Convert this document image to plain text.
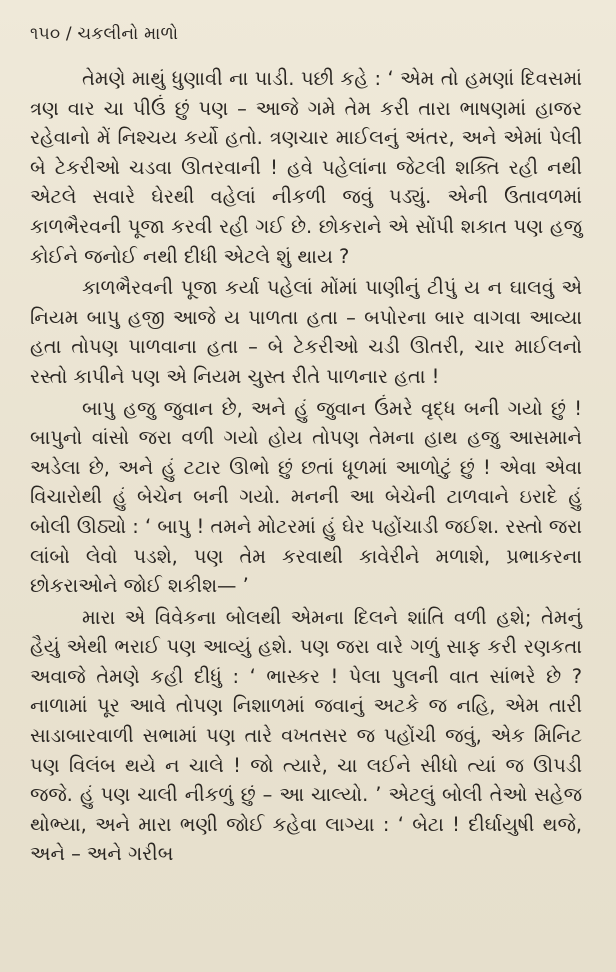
૧૫૦ / ચકલીનો માળો

તેમણે માથું ધુણાવી ના પાડી. પછી કહે : ‘ એમ તો હમણાં દિવસમાં ત્રણ વાર ચા પીઉં છું પણ – આજે ગમે તેમ કરી તારા ભાષણમાં હાજર રહેવાનો મેં નિશ્ચય કર્યો હતો. ત્રણચાર માઈલનું અંતર, અને એમાં પેલી બે ટેકરીઓ ચડવા ઊતરવાની ! હવે પહેલાંના જેટલી શક્તિ રહી નથી એટલે સવારે ઘેરથી વહેલાં નીકળી જવું પડ્યું. એની ઉતાવળમાં કાળભૈરવની પૂજા કરવી રહી ગઈ છે. છોકરાને એ સોંપી શકાત પણ હજુ કોઈને જનોઈ નથી દીધી એટલે શું થાય ?

કાળભૈરવની પૂજા કર્યા પહેલાં મોંમાં પાણીનું ટીપું ય ન ઘાલવું એ નિયમ બાપુ હજી આજે ય પાળતા હતા – બપોરના બાર વાગવા આવ્યા હતા તોપણ પાળવાના હતા – બે ટેકરીઓ ચડી ઊતરી, ચાર માઈલનો રસ્તો કાપીને પણ એ નિયમ ચુસ્ત રીતે પાળનાર હતા !

બાપુ હજુ જુવાન છે, અને હું જુવાન ઉંમરે વૃદ્ધ બની ગયો છું ! બાપુનો વાંસો જરા વળી ગયો હોય તોપણ તેમના હાથ હજુ આસમાને અડેલા છે, અને હું ટટાર ઊભો છું છતાં ધૂળમાં આળોટું છું ! એવા એવા વિચારોથી હું બેચેન બની ગયો. મનની આ બેચેની ટાળવાને ઇરાદે હું બોલી ઊઠ્યો : ‘ બાપુ ! તમને મોટરમાં હું ઘેર પહોંચાડી જઈશ. રસ્તો જરા લાંબો લેવો પડશે, પણ તેમ કરવાથી કાવેરીને મળાશે, પ્રભાકરના છોકરાઓને જોઈ શકીશ— ’

મારા એ વિવેકના બોલથી એમના દિલને શાંતિ વળી હશે; તેમનું હૈયું એથી ભરાઈ પણ આવ્યું હશે. પણ જરા વારે ગળું સાફ કરી રણકતા અવાજે તેમણે કહી દીધું : ‘ ભાસ્કર ! પેલા પુલની વાત સાંભરે છે ? નાળામાં પૂર આવે તોપણ નિશાળમાં જવાનું અટકે જ નહિ, એમ તારી સાડાબારવાળી સભામાં પણ તારે વખતસર જ પહોંચી જવું, એક મિનિટ પણ વિલંબ થયે ન ચાલે ! જો ત્યારે, ચા લઈને સીધો ત્યાં જ ઊપડી જજે. હું પણ ચાલી નીકળું છું – આ ચાલ્યો. ’ એટલું બોલી તેઓ સહેજ થોભ્યા, અને મારા ભણી જોઈ કહેવા લાગ્યા : ‘ બેટા ! દીર્ઘાયુષી થજે, અને – અને ગરીબ
